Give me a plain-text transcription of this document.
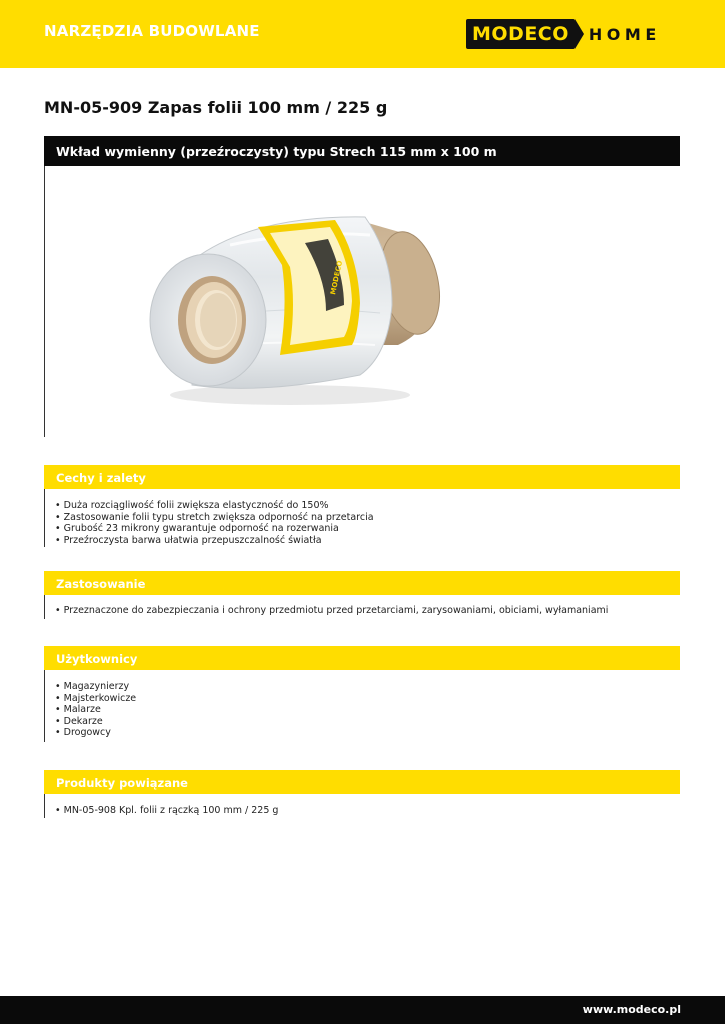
NARZĘDZIA BUDOWLANE	MODECO	HOME
MN-05-909 Zapas folii 100 mm / 225 g
Wkład wymienny (przeźroczysty) typu Strech 115 mm x 100 m
MODECO
Cechy i zalety
• Duża rozciągliwość folii zwiększa elastyczność do 150%
• Zastosowanie folii typu stretch zwiększa odporność na przetarcia
• Grubość 23 mikrony gwarantuje odporność na rozerwania
• Przeźroczysta barwa ułatwia przepuszczalność światła
Zastosowanie
• Przeznaczone do zabezpieczania i ochrony przedmiotu przed przetarciami, zarysowaniami, obiciami, wyłamaniami
Użytkownicy
• Magazynierzy
• Majsterkowicze
• Malarze
• Dekarze
• Drogowcy
Produkty powiązane
• MN-05-908 Kpl. folii z rączką 100 mm / 225 g
www.modeco.pl
